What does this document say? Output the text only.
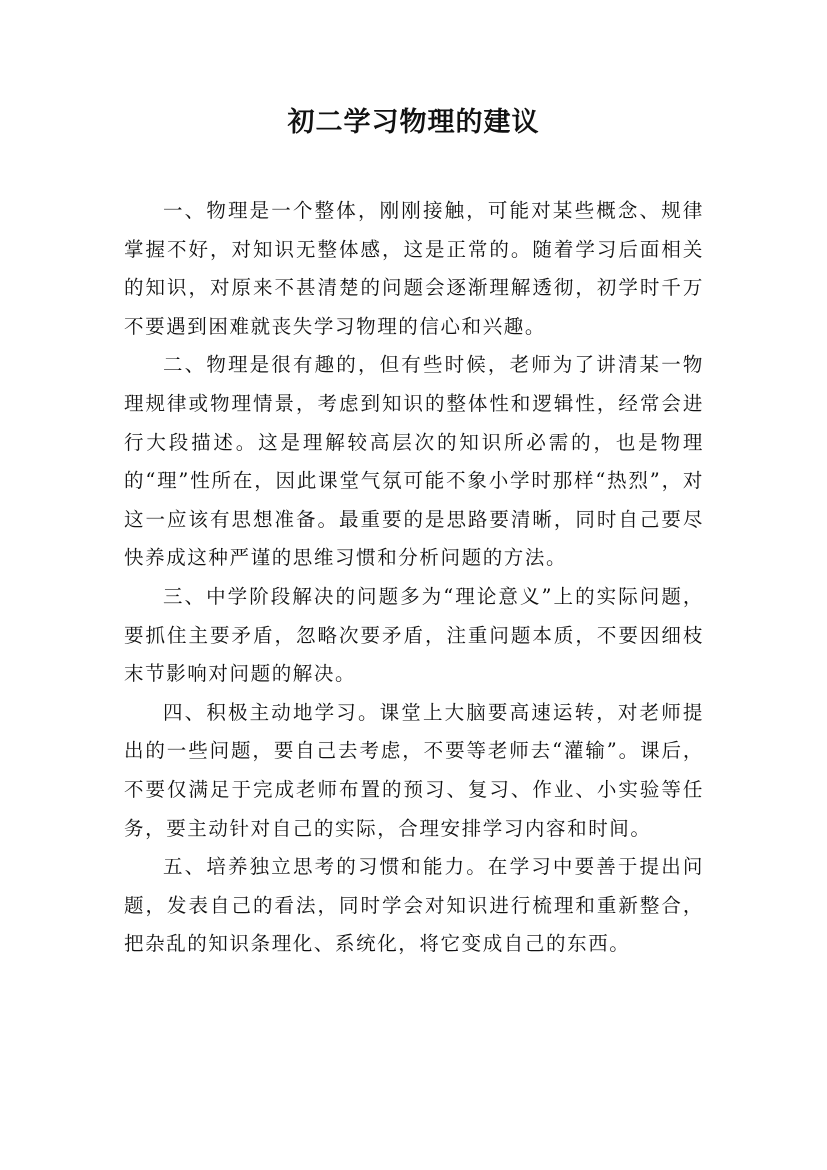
初二学习物理的建议

一、物理是一个整体，刚刚接触，可能对某些概念、规律掌握不好，对知识无整体感，这是正常的。随着学习后面相关的知识，对原来不甚清楚的问题会逐渐理解透彻，初学时千万不要遇到困难就丧失学习物理的信心和兴趣。

二、物理是很有趣的，但有些时候，老师为了讲清某一物理规律或物理情景，考虑到知识的整体性和逻辑性，经常会进行大段描述。这是理解较高层次的知识所必需的，也是物理的“理”性所在，因此课堂气氛可能不象小学时那样“热烈”，对这一应该有思想准备。最重要的是思路要清晰，同时自己要尽快养成这种严谨的思维习惯和分析问题的方法。

三、中学阶段解决的问题多为“理论意义”上的实际问题，要抓住主要矛盾，忽略次要矛盾，注重问题本质，不要因细枝末节影响对问题的解决。

四、积极主动地学习。课堂上大脑要高速运转，对老师提出的一些问题，要自己去考虑，不要等老师去“灌输”。课后，不要仅满足于完成老师布置的预习、复习、作业、小实验等任务，要主动针对自己的实际，合理安排学习内容和时间。

五、培养独立思考的习惯和能力。在学习中要善于提出问题，发表自己的看法，同时学会对知识进行梳理和重新整合，把杂乱的知识条理化、系统化，将它变成自己的东西。
